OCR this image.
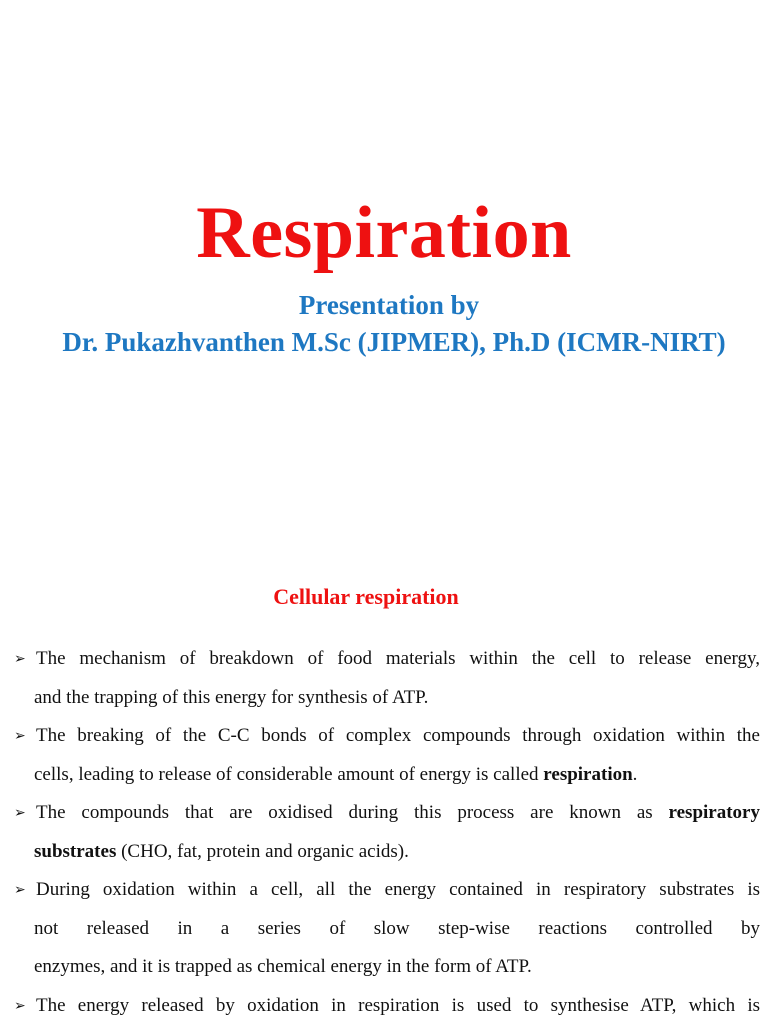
Respiration
Presentation by
Dr. Pukazhvanthen M.Sc (JIPMER), Ph.D (ICMR-NIRT)
Cellular respiration
➢ The mechanism of breakdown of food materials within the cell to release energy,
and the trapping of this energy for synthesis of ATP.
➢ The breaking of the C-C bonds of complex compounds through oxidation within the
cells, leading to release of considerable amount of energy is called respiration.
➢ The compounds that are oxidised during this process are known as respiratory
substrates (CHO, fat, protein and organic acids).
➢ During oxidation within a cell, all the energy contained in respiratory substrates is
not released in a series of slow step-wise reactions controlled by
enzymes, and it is trapped as chemical energy in the form of ATP.
➢ The energy released by oxidation in respiration is used to synthesise ATP, which is
